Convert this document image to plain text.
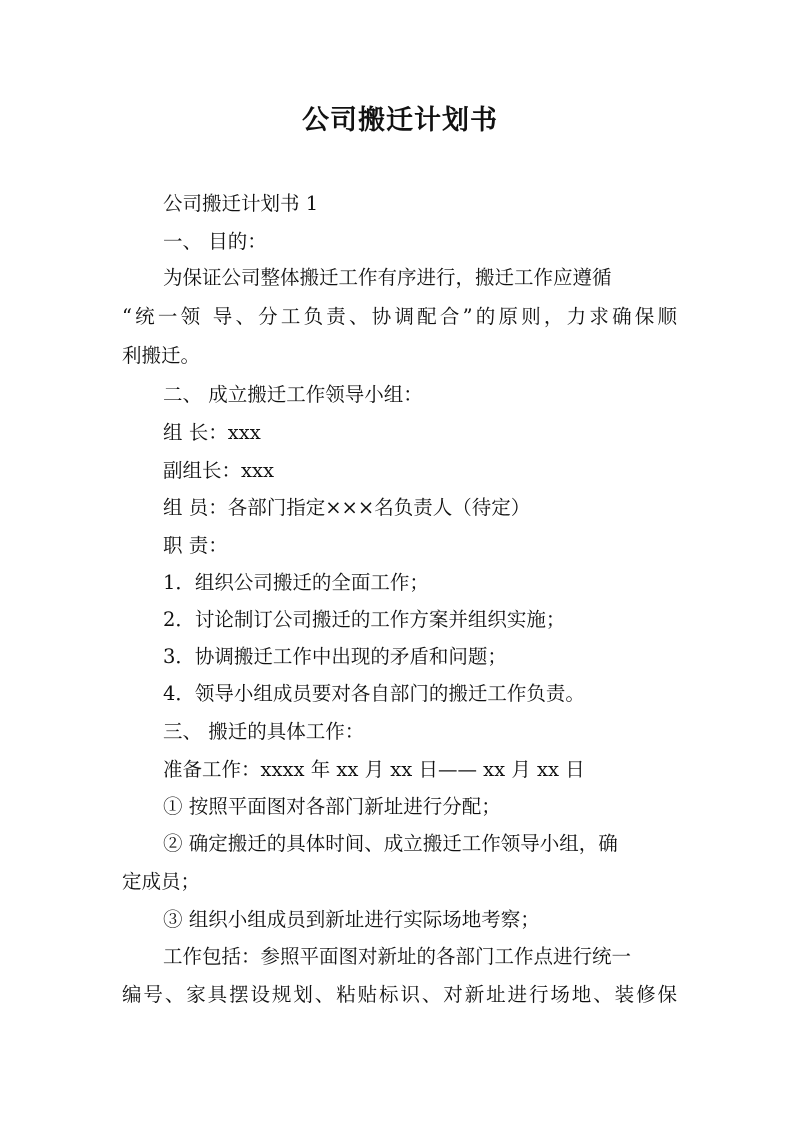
公司搬迁计划书
公司搬迁计划书 1
一、 目的：
为保证公司整体搬迁工作有序进行，搬迁工作应遵循
“统一领 导、分工负责、协调配合”的原则，力求确保顺
利搬迁。
二、 成立搬迁工作领导小组：
组 长：xxx
副组长：xxx
组 员：各部门指定×××名负责人（待定）
职 责：
1．组织公司搬迁的全面工作；
2．讨论制订公司搬迁的工作方案并组织实施；
3．协调搬迁工作中出现的矛盾和问题；
4．领导小组成员要对各自部门的搬迁工作负责。
三、 搬迁的具体工作：
准备工作：xxxx 年 xx 月 xx 日—— xx 月 xx 日
① 按照平面图对各部门新址进行分配；
② 确定搬迁的具体时间、成立搬迁工作领导小组，确
定成员；
③ 组织小组成员到新址进行实际场地考察；
工作包括：参照平面图对新址的各部门工作点进行统一
编号、家具摆设规划、粘贴标识、对新址进行场地、装修保
